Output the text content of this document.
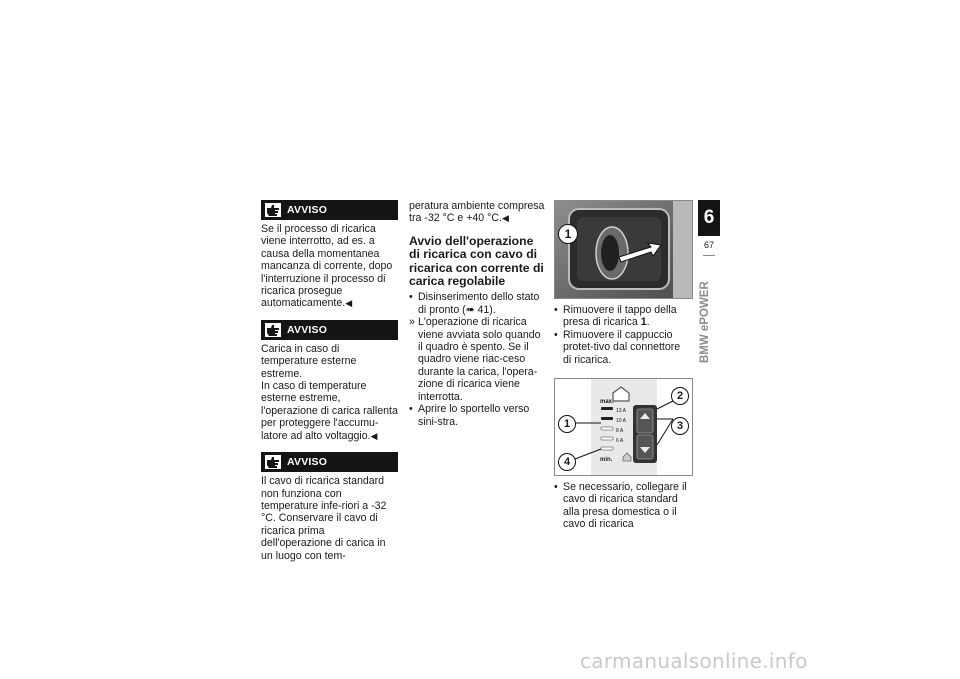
AVVISO

Se il processo di ricarica viene interrotto, ad es. a causa della momentanea mancanza di corrente, dopo l'interruzione il processo di ricarica prosegue automaticamente.◀

AVVISO

Carica in caso di temperature esterne estreme.
In caso di temperature esterne estreme, l'operazione di carica rallenta per proteggere l'accumu-latore ad alto voltaggio.◀

AVVISO

Il cavo di ricarica standard non funziona con temperature infe-riori a -32 °C. Conservare il cavo di ricarica prima dell'operazione di carica in un luogo con tem-

peratura ambiente compresa tra -32 °C e +40 °C.◀

Avvio dell'operazione di ricarica con cavo di ricarica con corrente di carica regolabile
• Disinserimento dello stato di pronto (➠ 41).
» L'operazione di ricarica viene avviata solo quando il quadro è spento. Se il quadro viene riac-ceso durante la carica, l'opera-zione di ricarica viene interrotta.
• Aprire lo sportello verso sini-stra.
1
• Rimuovere il tappo della presa di ricarica 1.
• Rimuovere il cappuccio protet-tivo dal connettore di ricarica.
max.
13 A
10 A
8 A
6 A
min.
1
2
3
4
• Se necessario, collegare il cavo di ricarica standard alla presa domestica o il cavo di ricarica
6
67
BMW ePOWER
carmanualsonline.info
